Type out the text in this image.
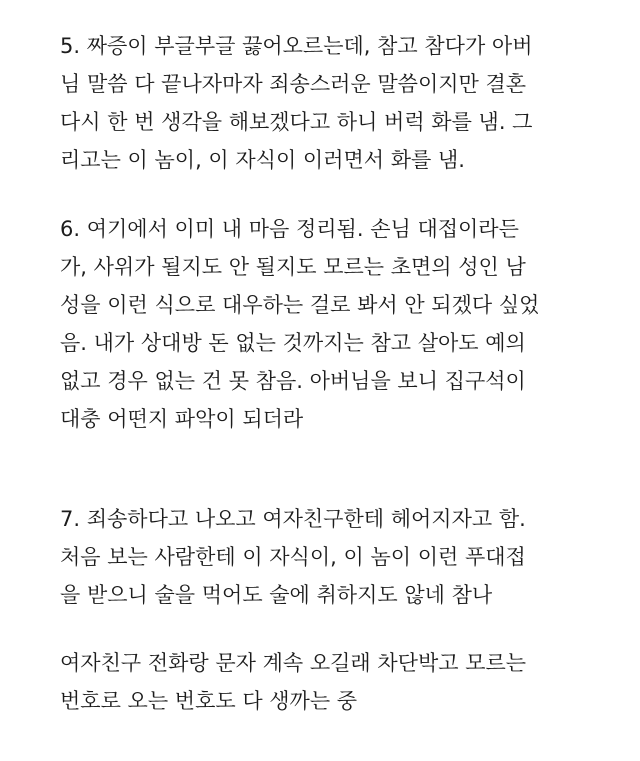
5. 짜증이 부글부글 끓어오르는데, 참고 참다가 아버
님 말씀 다 끝나자마자 죄송스러운 말씀이지만 결혼
다시 한 번 생각을 해보겠다고 하니 버럭 화를 냄. 그
리고는 이 놈이, 이 자식이 이러면서 화를 냄.
6. 여기에서 이미 내 마음 정리됨. 손님 대접이라든
가, 사위가 될지도 안 될지도 모르는 초면의 성인 남
성을 이런 식으로 대우하는 걸로 봐서 안 되겠다 싶었
음. 내가 상대방 돈 없는 것까지는 참고 살아도 예의
없고 경우 없는 건 못 참음. 아버님을 보니 집구석이
대충 어떤지 파악이 되더라
7. 죄송하다고 나오고 여자친구한테 헤어지자고 함.
처음 보는 사람한테 이 자식이, 이 놈이 이런 푸대접
을 받으니 술을 먹어도 술에 취하지도 않네 참나
여자친구 전화랑 문자 계속 오길래 차단박고 모르는
번호로 오는 번호도 다 생까는 중
